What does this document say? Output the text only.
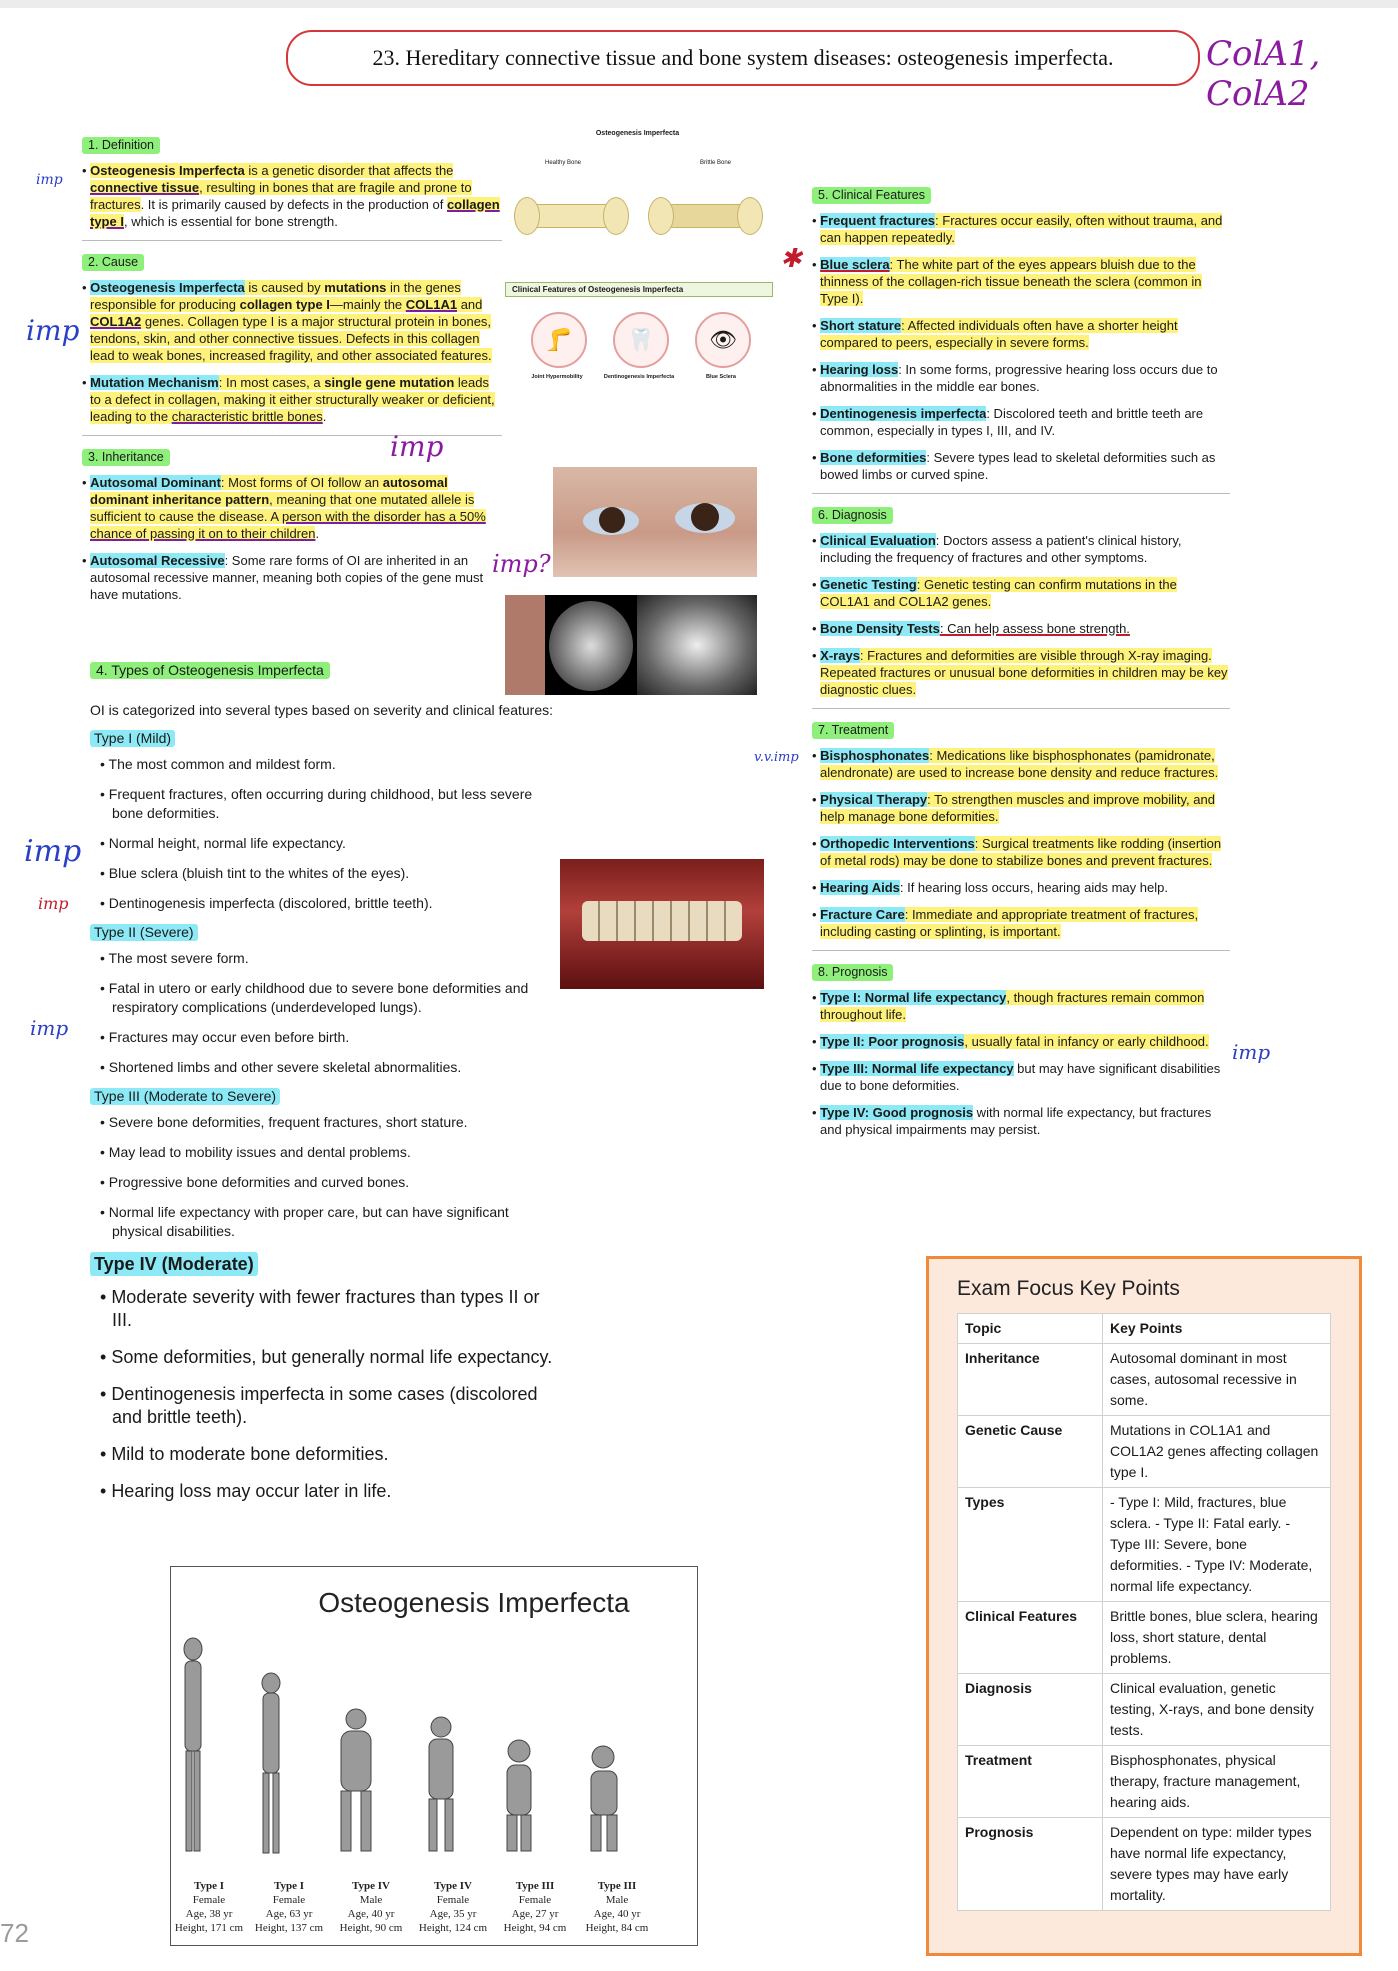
23. Hereditary connective tissue and bone system diseases: osteogenesis imperfecta.	ColA1, ColA2
1. Definition
• Osteogenesis Imperfecta is a genetic disorder that affects the connective tissue, resulting in bones that are fragile and prone to fractures. It is primarily caused by defects in the production of collagen type I, which is essential for bone strength.
2. Cause
• Osteogenesis Imperfecta is caused by mutations in the genes responsible for producing collagen type I—mainly the COL1A1 and COL1A2 genes. Collagen type I is a major structural protein in bones, tendons, skin, and other connective tissues. Defects in this collagen lead to weak bones, increased fragility, and other associated features.
• Mutation Mechanism: In most cases, a single gene mutation leads to a defect in collagen, making it either structurally weaker or deficient, leading to the characteristic brittle bones.
3. Inheritance
• Autosomal Dominant: Most forms of OI follow an autosomal dominant inheritance pattern, meaning that one mutated allele is sufficient to cause the disease. A person with the disorder has a 50% chance of passing it on to their children.
• Autosomal Recessive: Some rare forms of OI are inherited in an autosomal recessive manner, meaning both copies of the gene must have mutations.
imp
imp
imp
imp?
4. Types of Osteogenesis Imperfecta
OI is categorized into several types based on severity and clinical features:
Type I (Mild)
• The most common and mildest form.
• Frequent fractures, often occurring during childhood, but less severe bone deformities.
• Normal height, normal life expectancy.
• Blue sclera (bluish tint to the whites of the eyes).
• Dentinogenesis imperfecta (discolored, brittle teeth).
Type II (Severe)
• The most severe form.
• Fatal in utero or early childhood due to severe bone deformities and respiratory complications (underdeveloped lungs).
• Fractures may occur even before birth.
• Shortened limbs and other severe skeletal abnormalities.
Type III (Moderate to Severe)
• Severe bone deformities, frequent fractures, short stature.
• May lead to mobility issues and dental problems.
• Progressive bone deformities and curved bones.
• Normal life expectancy with proper care, but can have significant physical disabilities.
Type IV (Moderate)
• Moderate severity with fewer fractures than types II or III.
• Some deformities, but generally normal life expectancy.
• Dentinogenesis imperfecta in some cases (discolored and brittle teeth).
• Mild to moderate bone deformities.
• Hearing loss may occur later in life.
imp
imp
imp
Osteogenesis Imperfecta
Healthy Bone	Brittle Bone
Clinical Features of Osteogenesis Imperfecta
🦵	🦷	👁
Joint Hypermobility	Dentinogenesis Imperfecta	Blue Sclera
5. Clinical Features
• Frequent fractures: Fractures occur easily, often without trauma, and can happen repeatedly.
• Blue sclera: The white part of the eyes appears bluish due to the thinness of the collagen-rich tissue beneath the sclera (common in Type I).
• Short stature: Affected individuals often have a shorter height compared to peers, especially in severe forms.
• Hearing loss: In some forms, progressive hearing loss occurs due to abnormalities in the middle ear bones.
• Dentinogenesis imperfecta: Discolored teeth and brittle teeth are common, especially in types I, III, and IV.
• Bone deformities: Severe types lead to skeletal deformities such as bowed limbs or curved spine.
6. Diagnosis
• Clinical Evaluation: Doctors assess a patient's clinical history, including the frequency of fractures and other symptoms.
• Genetic Testing: Genetic testing can confirm mutations in the COL1A1 and COL1A2 genes.
• Bone Density Tests: Can help assess bone strength.
• X-rays: Fractures and deformities are visible through X-ray imaging. Repeated fractures or unusual bone deformities in children may be key diagnostic clues.
7. Treatment
• Bisphosphonates: Medications like bisphosphonates (pamidronate, alendronate) are used to increase bone density and reduce fractures.
• Physical Therapy: To strengthen muscles and improve mobility, and help manage bone deformities.
• Orthopedic Interventions: Surgical treatments like rodding (insertion of metal rods) may be done to stabilize bones and prevent fractures.
• Hearing Aids: If hearing loss occurs, hearing aids may help.
• Fracture Care: Immediate and appropriate treatment of fractures, including casting or splinting, is important.
8. Prognosis
• Type I: Normal life expectancy, though fractures remain common throughout life.
• Type II: Poor prognosis, usually fatal in infancy or early childhood.
• Type III: Normal life expectancy but may have significant disabilities due to bone deformities.
• Type IV: Good prognosis with normal life expectancy, but fractures and physical impairments may persist.
✱
v.v.imp
imp
Osteogenesis Imperfecta
Type I
Female
Age, 38 yr
Height, 171 cm
Type I
Female
Age, 63 yr
Height, 137 cm
Type IV
Male
Age, 40 yr
Height, 90 cm
Type IV
Female
Age, 35 yr
Height, 124 cm
Type III
Female
Age, 27 yr
Height, 94 cm
Type III
Male
Age, 40 yr
Height, 84 cm
Exam Focus Key Points
Topic	Key Points
Inheritance	Autosomal dominant in most cases, autosomal recessive in some.
Genetic Cause	Mutations in COL1A1 and COL1A2 genes affecting collagen type I.
Types	- Type I: Mild, fractures, blue sclera. - Type II: Fatal early. - Type III: Severe, bone deformities. - Type IV: Moderate, normal life expectancy.
Clinical Features	Brittle bones, blue sclera, hearing loss, short stature, dental problems.
Diagnosis	Clinical evaluation, genetic testing, X-rays, and bone density tests.
Treatment	Bisphosphonates, physical therapy, fracture management, hearing aids.
Prognosis	Dependent on type: milder types have normal life expectancy, severe types may have early mortality.
72
